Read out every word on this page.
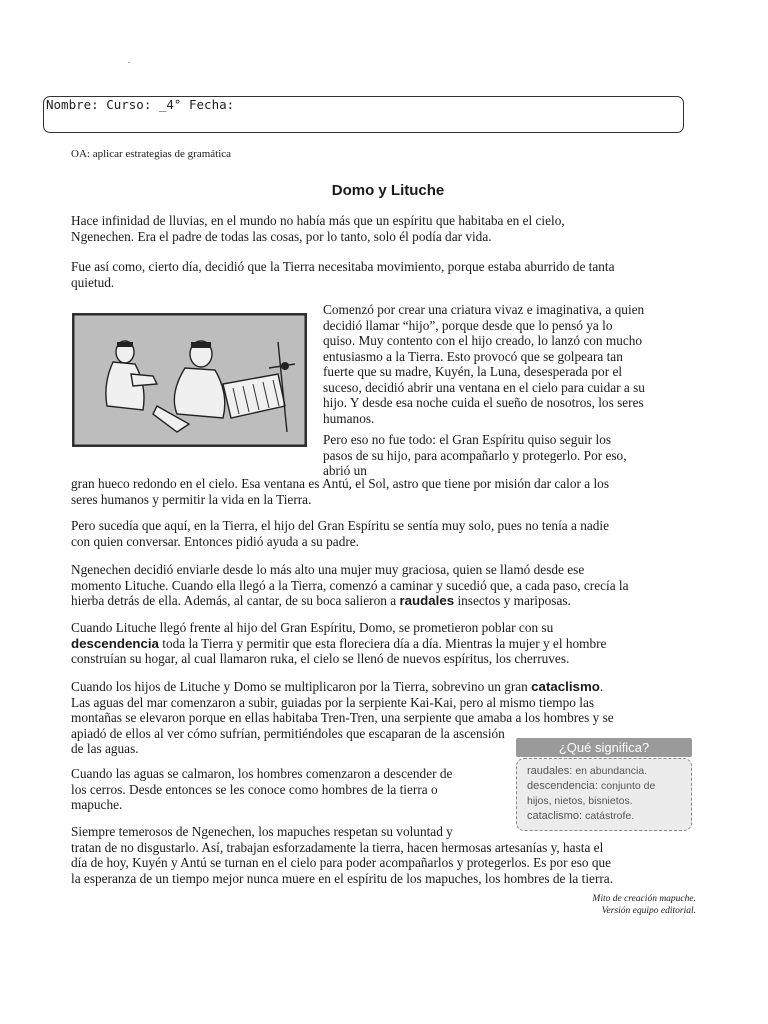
.
Nombre: Curso: _4° Fecha:
OA: aplicar estrategias de gramática
Domo y Lituche

Hace infinidad de lluvias, en el mundo no había más que un espíritu que habitaba en el cielo,
Ngenechen. Era el padre de todas las cosas, por lo tanto, solo él podía dar vida.

Fue así como, cierto día, decidió que la Tierra necesitaba movimiento, porque estaba aburrido de tanta
quietud.

Comenzó por crear una criatura vivaz e imaginativa, a quien
decidió llamar “hijo”, porque desde que lo pensó ya lo
quiso. Muy contento con el hijo creado, lo lanzó con mucho
entusiasmo a la Tierra. Esto provocó que se golpeara tan
fuerte que su madre, Kuyén, la Luna, desesperada por el
suceso, decidió abrir una ventana en el cielo para cuidar a su
hijo. Y desde esa noche cuida el sueño de nosotros, los seres
humanos.

Pero eso no fue todo: el Gran Espíritu quiso seguir los
pasos de su hijo, para acompañarlo y protegerlo. Por eso,
abrió un

gran hueco redondo en el cielo. Esa ventana es Antú, el Sol, astro que tiene por misión dar calor a los
seres humanos y permitir la vida en la Tierra.

Pero sucedía que aquí, en la Tierra, el hijo del Gran Espíritu se sentía muy solo, pues no tenía a nadie
con quien conversar. Entonces pidió ayuda a su padre.

Ngenechen decidió enviarle desde lo más alto una mujer muy graciosa, quien se llamó desde ese
momento Lituche. Cuando ella llegó a la Tierra, comenzó a caminar y sucedió que, a cada paso, crecía la
hierba detrás de ella. Además, al cantar, de su boca salieron a raudales insectos y mariposas.

Cuando Lituche llegó frente al hijo del Gran Espíritu, Domo, se prometieron poblar con su
descendencia toda la Tierra y permitir que esta floreciera día a día. Mientras la mujer y el hombre
construían su hogar, al cual llamaron ruka, el cielo se llenó de nuevos espíritus, los cherruves.

Cuando los hijos de Lituche y Domo se multiplicaron por la Tierra, sobrevino un gran cataclismo.
Las aguas del mar comenzaron a subir, guiadas por la serpiente Kai-Kai, pero al mismo tiempo las
montañas se elevaron porque en ellas habitaba Tren-Tren, una serpiente que amaba a los hombres y se
apiadó de ellos al ver cómo sufrían, permitiéndoles que escaparan de la ascensión
de las aguas.

Cuando las aguas se calmaron, los hombres comenzaron a descender de
los cerros. Desde entonces se les conoce como hombres de la tierra o
mapuche.

Siempre temerosos de Ngenechen, los mapuches respetan su voluntad y
tratan de no disgustarlo. Así, trabajan esforzadamente la tierra, hacen hermosas artesanías y, hasta el
día de hoy, Kuyén y Antú se turnan en el cielo para poder acompañarlos y protegerlos. Es por eso que
la esperanza de un tiempo mejor nunca muere en el espíritu de los mapuches, los hombres de la tierra.

¿Qué significa?
raudales: en abundancia.
descendencia: conjunto de
hijos, nietos, bisnietos.
cataclismo: catástrofe.
Mito de creación mapuche.
Versión equipo editorial.
